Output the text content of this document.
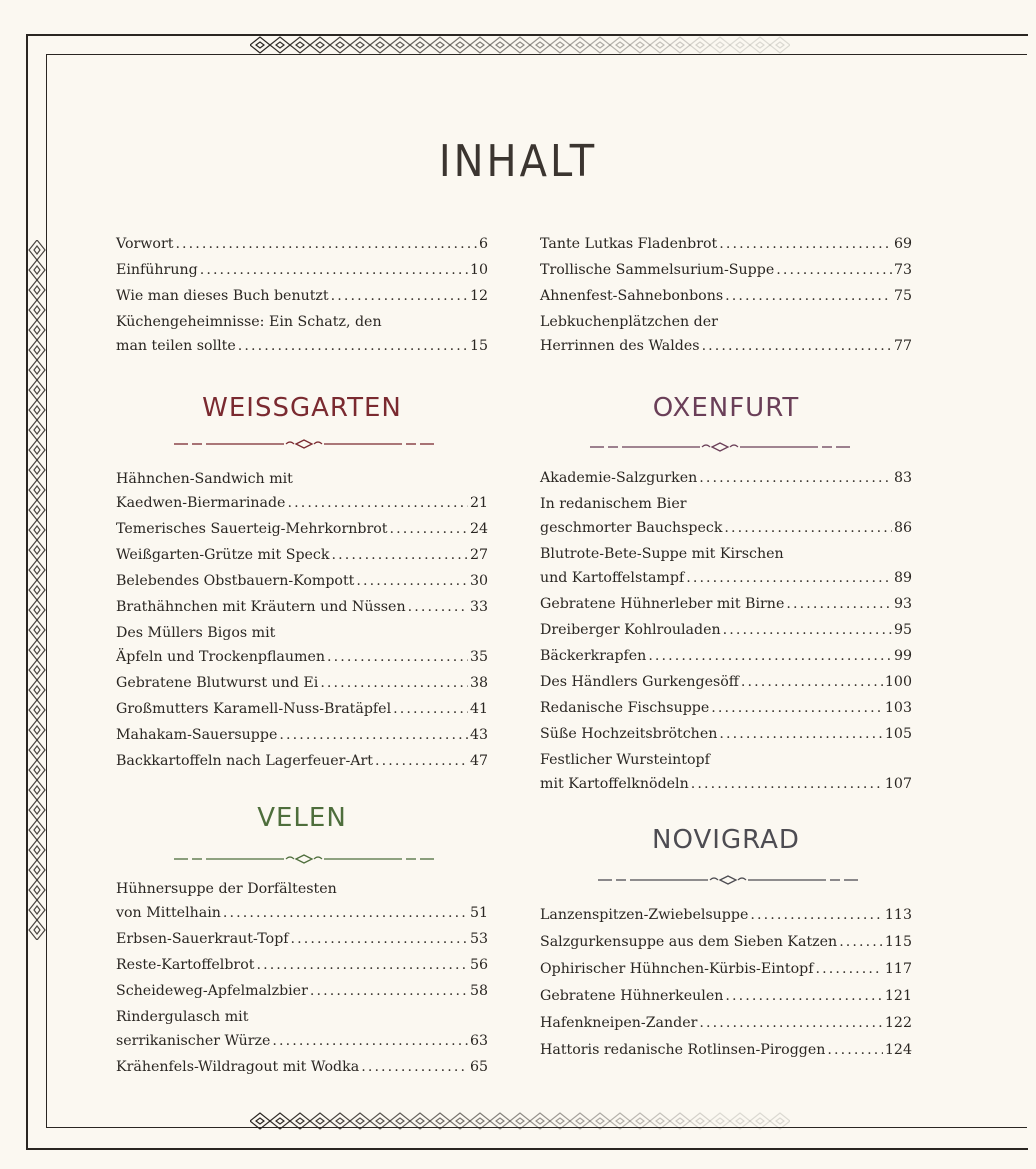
INHALT
Vorwort . . .	6
Einführung . . .	10
Wie man dieses Buch benutzt . . .	12
Küchengeheimnisse: Ein Schatz, den
man teilen sollte . . .	15
WEISSGARTEN
Hähnchen-Sandwich mit
Kaedwen-Biermarinade . . .	21
Temerisches Sauerteig-Mehrkornbrot . . .	24
Weißgarten-Grütze mit Speck . . .	27
Belebendes Obstbauern-Kompott . . .	30
Brathähnchen mit Kräutern und Nüssen . . .	33
Des Müllers Bigos mit
Äpfeln und Trockenpflaumen . . .	35
Gebratene Blutwurst und Ei . . .	38
Großmutters Karamell-Nuss-Bratäpfel . . .	41
Mahakam-Sauersuppe . . .	43
Backkartoffeln nach Lagerfeuer-Art . . .	47
VELEN
Hühnersuppe der Dorfältesten
von Mittelhain . . .	51
Erbsen-Sauerkraut-Topf . . .	53
Reste-Kartoffelbrot . . .	56
Scheideweg-Apfelmalzbier . . .	58
Rindergulasch mit
serrikanischer Würze . . .	63
Krähenfels-Wildragout mit Wodka . . .	65
Tante Lutkas Fladenbrot . . .	69
Trollische Sammelsurium-Suppe . . .	73
Ahnenfest-Sahnebonbons . . .	75
Lebkuchenplätzchen der
Herrinnen des Waldes . . .	77
OXENFURT
Akademie-Salzgurken . . .	83
In redanischem Bier
geschmorter Bauchspeck . . .	86
Blutrote-Bete-Suppe mit Kirschen
und Kartoffelstampf . . .	89
Gebratene Hühnerleber mit Birne . . .	93
Dreiberger Kohlrouladen . . .	95
Bäckerkrapfen . . .	99
Des Händlers Gurkengesöff . . .	100
Redanische Fischsuppe . . .	103
Süße Hochzeitsbrötchen . . .	105
Festlicher Wursteintopf
mit Kartoffelknödeln . . .	107
NOVIGRAD
Lanzenspitzen-Zwiebelsuppe . . .	113
Salzgurkensuppe aus dem Sieben Katzen . . .	115
Ophirischer Hühnchen-Kürbis-Eintopf . . .	117
Gebratene Hühnerkeulen . . .	121
Hafenkneipen-Zander . . .	122
Hattoris redanische Rotlinsen-Piroggen . . .	124
